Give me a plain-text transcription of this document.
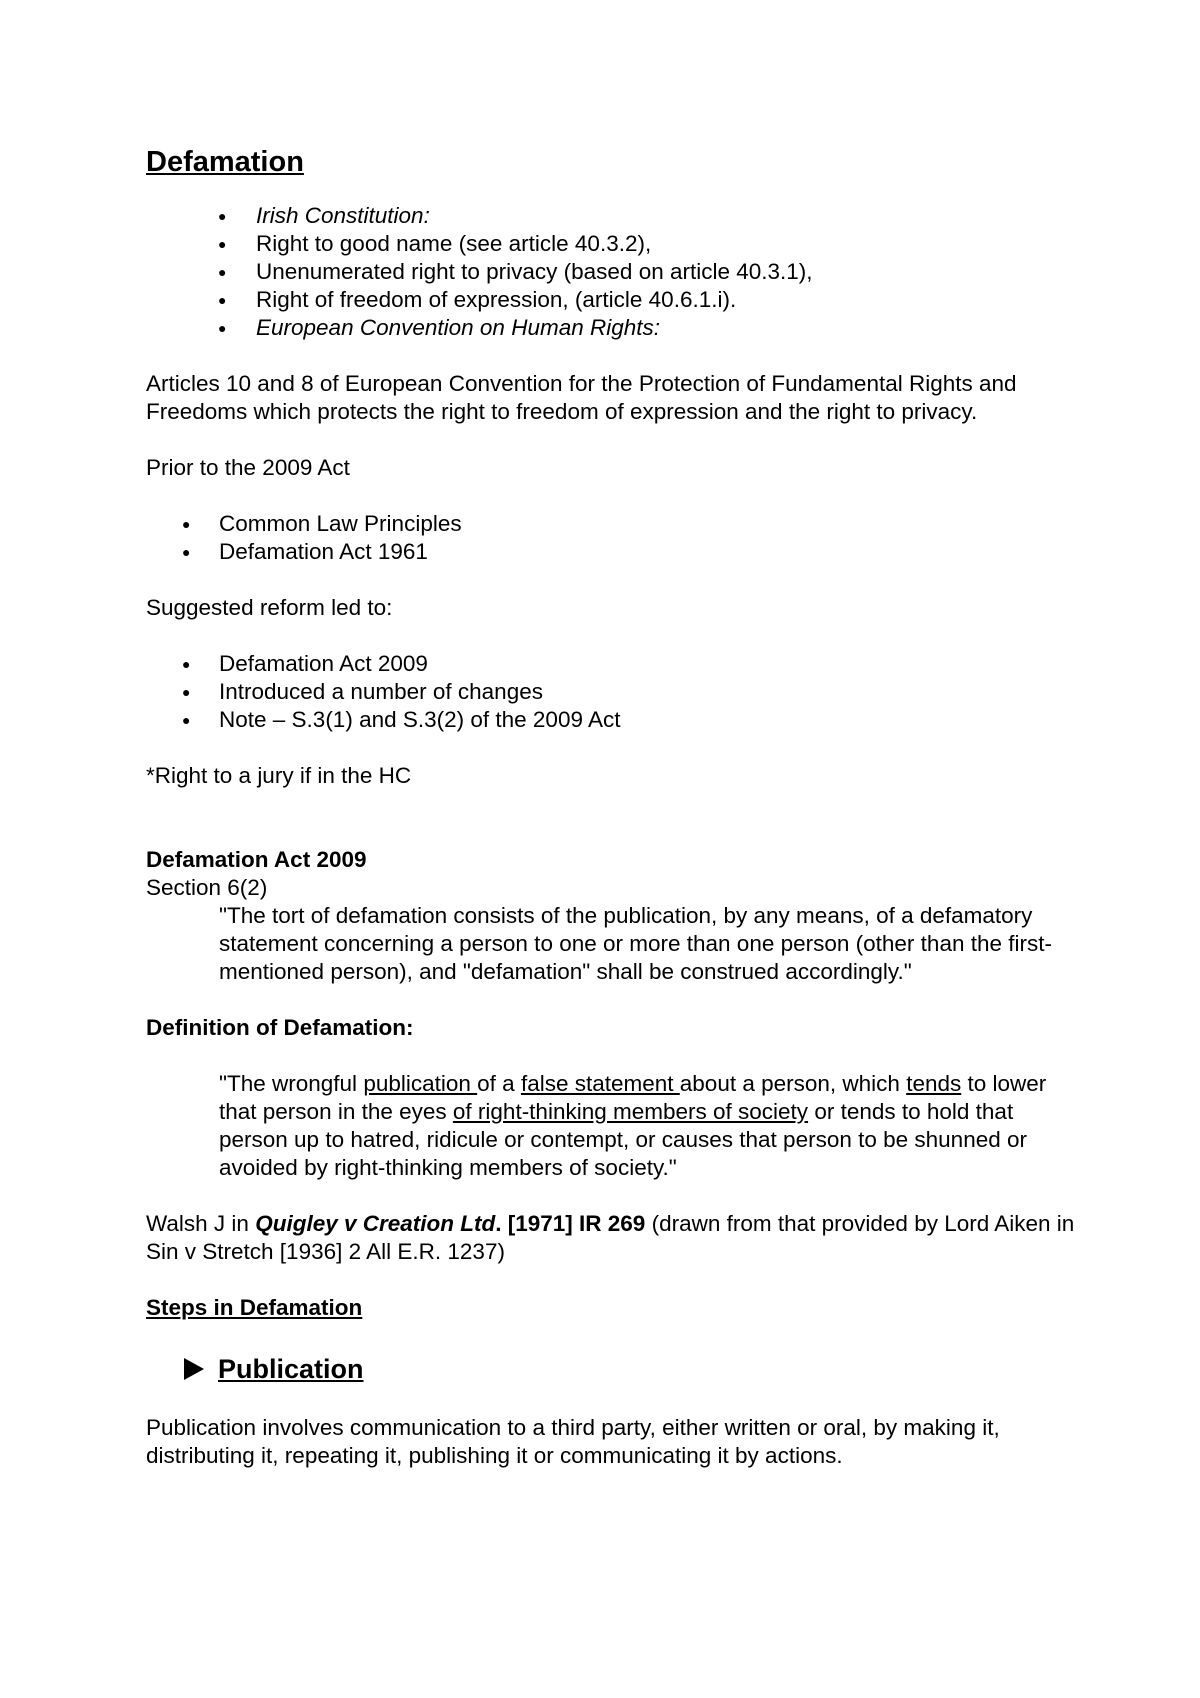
Defamation
● Irish Constitution:
● Right to good name (see article 40.3.2),
● Unenumerated right to privacy (based on article 40.3.1),
● Right of freedom of expression, (article 40.6.1.i).
● European Convention on Human Rights:

Articles 10 and 8 of European Convention for the Protection of Fundamental Rights and Freedoms which protects the right to freedom of expression and the right to privacy.

Prior to the 2009 Act

● Common Law Principles
● Defamation Act 1961

Suggested reform led to:

● Defamation Act 2009
● Introduced a number of changes
● Note – S.3(1) and S.3(2) of the 2009 Act

*Right to a jury if in the HC

Defamation Act 2009

Section 6(2)

"The tort of defamation consists of the publication, by any means, of a defamatory statement concerning a person to one or more than one person (other than the first-mentioned person), and "defamation" shall be construed accordingly."

Definition of Defamation:

"The wrongful publication of a false statement about a person, which tends to lower that person in the eyes of right-thinking members of society or tends to hold that person up to hatred, ridicule or contempt, or causes that person to be shunned or avoided by right-thinking members of society."

Walsh J in Quigley v Creation Ltd. [1971] IR 269 (drawn from that provided by Lord Aiken in Sin v Stretch [1936] 2 All E.R. 1237)

Steps in Defamation

Publication

Publication involves communication to a third party, either written or oral, by making it, distributing it, repeating it, publishing it or communicating it by actions.
